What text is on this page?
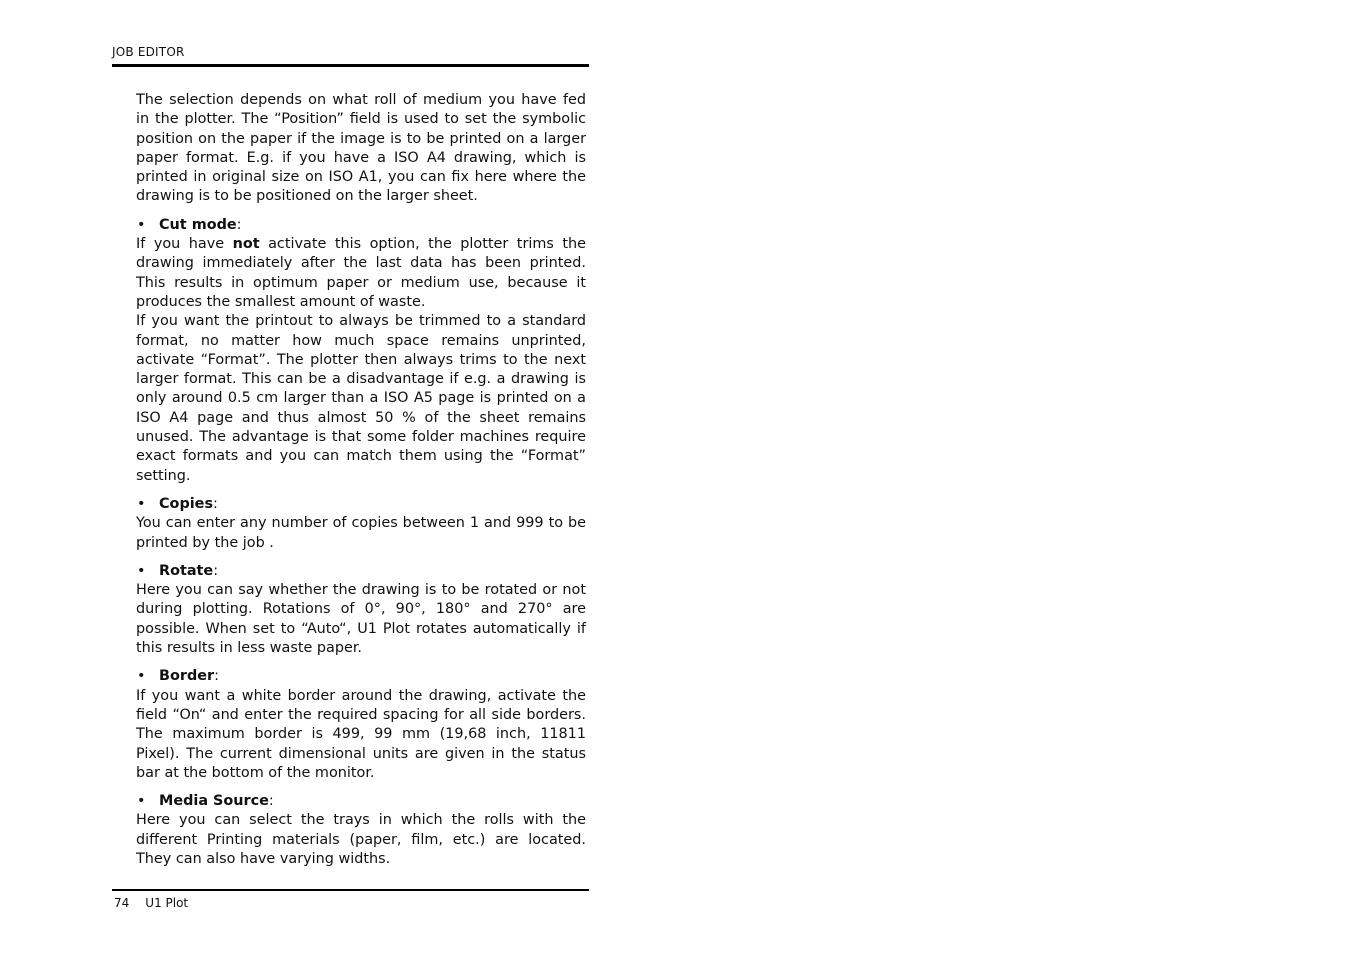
JOB EDITOR

The selection depends on what roll of medium you have fed in the plotter. The “Position” field is used to set the symbolic position on the paper if the image is to be printed on a larger paper format. E.g. if you have a ISO A4 drawing, which is printed in original size on ISO A1, you can fix here where the drawing is to be positioned on the larger sheet.

• Cut mode:

If you have not activate this option, the plotter trims the drawing immediately after the last data has been printed. This results in optimum paper or medium use, because it produces the smallest amount of waste.

If you want the printout to always be trimmed to a standard format, no matter how much space remains unprinted, activate “Format”. The plotter then always trims to the next larger format. This can be a disadvantage if e.g. a drawing is only around 0.5 cm larger than a ISO A5 page is printed on a ISO A4 page and thus almost 50 % of the sheet remains unused. The advantage is that some folder machines require exact formats and you can match them using the “Format” setting.

• Copies:

You can enter any number of copies between 1 and 999 to be printed by the job .

• Rotate:

Here you can say whether the drawing is to be rotated or not during plotting. Rotations of 0°, 90°, 180° and 270° are possible. When set to “Auto“, U1 Plot rotates automatically if this results in less waste paper.

• Border:

If you want a white border around the drawing, activate the field “On“ and enter the required spacing for all side borders. The maximum border is 499, 99 mm (19,68 inch, 11811 Pixel). The current dimensional units are given in the status bar at the bottom of the monitor.

• Media Source:

Here you can select the trays in which the rolls with the different Printing materials (paper, film, etc.) are located. They can also have varying widths.

74 U1 Plot
